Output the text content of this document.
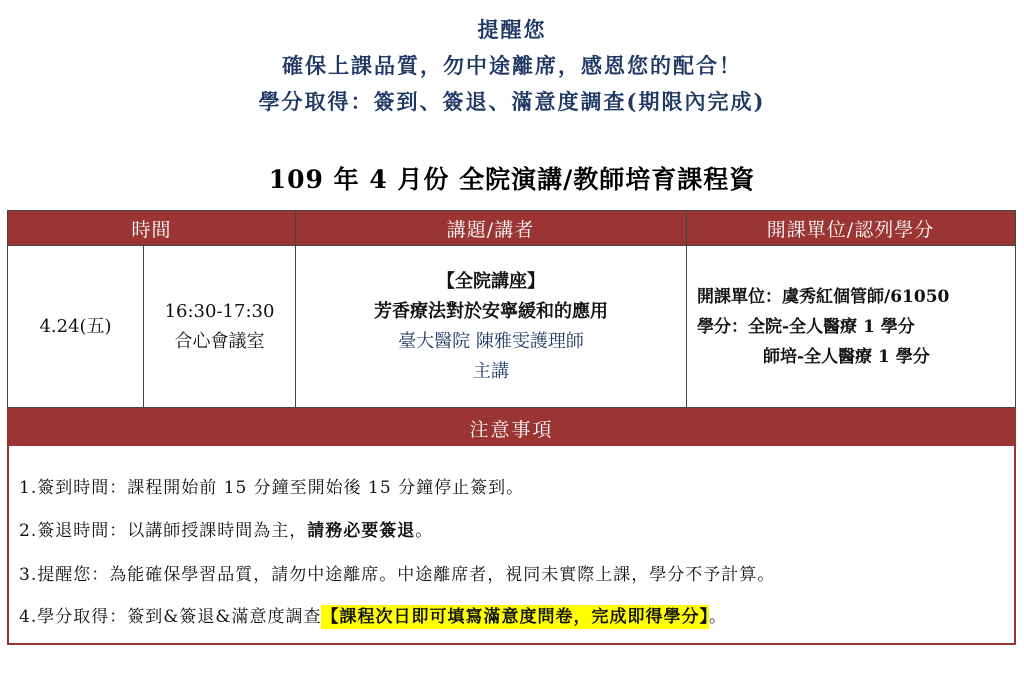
提醒您
確保上課品質，勿中途離席，感恩您的配合！
學分取得：簽到、簽退、滿意度調查(期限內完成)
109 年 4 月份 全院演講/教師培育課程資
時間	講題/講者	開課單位/認列學分
4.24(五)
16:30-17:30
合心會議室
【全院講座】
芳香療法對於安寧緩和的應用
臺大醫院 陳雅雯護理師
主講
開課單位：虞秀紅個管師/61050
學分：全院-全人醫療 1 學分
師培-全人醫療 1 學分
注意事項
1.簽到時間：課程開始前 15 分鐘至開始後 15 分鐘停止簽到。
2.簽退時間：以講師授課時間為主，請務必要簽退。
3.提醒您：為能確保學習品質，請勿中途離席。中途離席者，視同未實際上課，學分不予計算。
4.學分取得：簽到&簽退&滿意度調查【課程次日即可填寫滿意度問卷，完成即得學分】。
